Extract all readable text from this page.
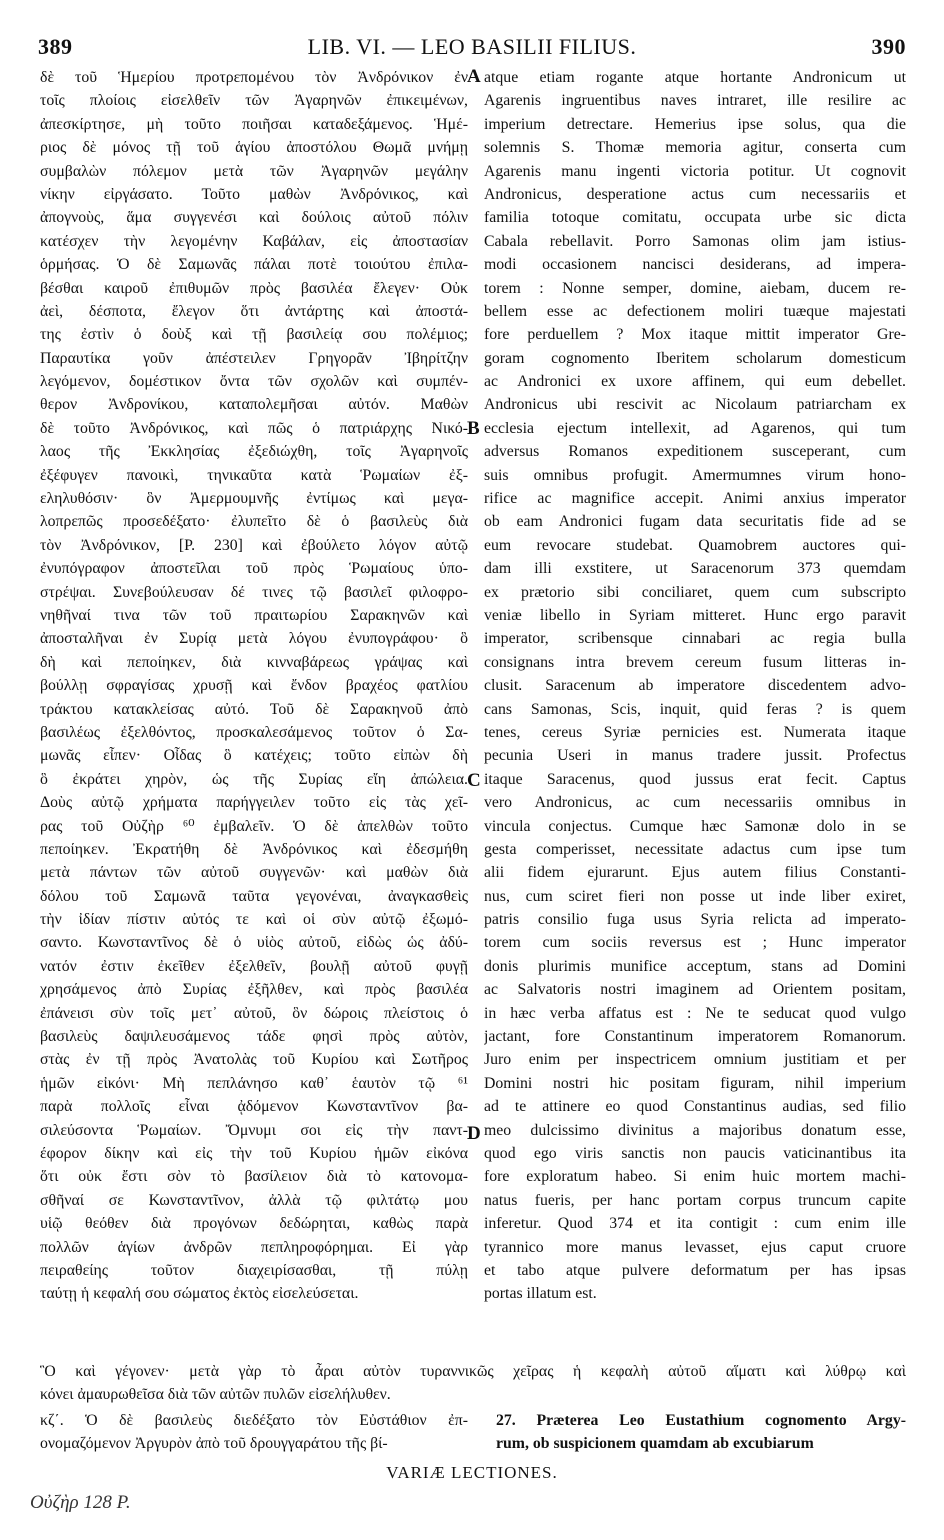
389	LIB. VI. — LEO BASILII FILIUS.	390
δὲ τοῦ Ἡμερίου προτρεπομένου τὸν Ἀνδρόνικον ἐν
τοῖς πλοίοις εἰσελθεῖν τῶν Ἀγαρηνῶν ἐπικειμένων,
ἀπεσκίρτησε, μὴ τοῦτο ποιῆσαι καταδεξάμενος. Ἡμέ-
ριος δὲ μόνος τῇ τοῦ ἁγίου ἀποστόλου Θωμᾶ μνήμῃ
συμβαλὼν πόλεμον μετὰ τῶν Ἀγαρηνῶν μεγάλην
νίκην εἰργάσατο. Τοῦτο μαθὼν Ἀνδρόνικος, καὶ
ἀπογνοὺς, ἅμα συγγενέσι καὶ δούλοις αὐτοῦ πόλιν
κατέσχεν τὴν λεγομένην Καβάλαν, εἰς ἀποστασίαν
ὁρμήσας. Ὁ δὲ Σαμωνᾶς πάλαι ποτὲ τοιούτου ἐπιλα-
βέσθαι καιροῦ ἐπιθυμῶν πρὸς βασιλέα ἔλεγεν· Οὐκ
ἀεὶ, δέσποτα, ἔλεγον ὅτι ἀντάρτης καὶ ἀποστά-
της ἐστὶν ὁ δοὺξ καὶ τῇ βασιλείᾳ σου πολέμιος;
Παραυτίκα γοῦν ἀπέστειλεν Γρηγορᾶν Ἰβηρίτζην
λεγόμενον, δομέστικον ὄντα τῶν σχολῶν καὶ συμπέν-
θερον Ἀνδρονίκου, καταπολεμῆσαι αὐτόν. Μαθὼν
δὲ τοῦτο Ἀνδρόνικος, καὶ πῶς ὁ πατριάρχης Νικό-
λαος τῆς Ἐκκλησίας ἐξεδιώχθη, τοῖς Ἀγαρηνοῖς
ἐξέφυγεν πανοικὶ, τηνικαῦτα κατὰ Ῥωμαίων ἐξ-
εληλυθόσιν· ὃν Ἀμερμουμνῆς ἐντίμως καὶ μεγα-
λοπρεπῶς προσεδέξατο· ἐλυπεῖτο δὲ ὁ βασιλεὺς διὰ
τὸν Ἀνδρόνικον, [P. 230] καὶ ἐβούλετο λόγον αὐτῷ
ἐνυπόγραφον ἀποστεῖλαι τοῦ πρὸς Ῥωμαίους ὑπο-
στρέψαι. Συνεβούλευσαν δέ τινες τῷ βασιλεῖ φιλοφρο-
νηθῆναί τινα τῶν τοῦ πραιτωρίου Σαρακηνῶν καὶ
ἀποσταλῆναι ἐν Συρίᾳ μετὰ λόγου ἐνυπογράφου· ὃ
δὴ καὶ πεποίηκεν, διὰ κινναβάρεως γράψας καὶ
βούλλῃ σφραγίσας χρυσῇ καὶ ἔνδον βραχέος φατλίου
τράκτου κατακλείσας αὐτό. Τοῦ δὲ Σαρακηνοῦ ἀπὸ
βασιλέως ἐξελθόντος, προσκαλεσάμενος τοῦτον ὁ Σα-
μωνᾶς εἶπεν· Οἶδας ὃ κατέχεις; τοῦτο εἰπὼν δὴ
ὃ ἐκράτει χηρὸν, ὡς τῆς Συρίας εἴη ἀπώλεια.
Δοὺς αὐτῷ χρήματα παρήγγειλεν τοῦτο εἰς τὰς χεῖ-
ρας τοῦ Οὐζὴρ ⁶⁰ ἐμβαλεῖν. Ὁ δὲ ἀπελθὼν τοῦτο
πεποίηκεν. Ἐκρατήθη δὲ Ἀνδρόνικος καὶ ἐδεσμήθη
μετὰ πάντων τῶν αὐτοῦ συγγενῶν· καὶ μαθὼν διὰ
δόλου τοῦ Σαμωνᾶ ταῦτα γεγονέναι, ἀναγκασθεὶς
τὴν ἰδίαν πίστιν αὐτός τε καὶ οἱ σὺν αὐτῷ ἐξωμό-
σαντο. Κωνσταντῖνος δὲ ὁ υἱὸς αὐτοῦ, εἰδὼς ὡς ἀδύ-
νατόν ἐστιν ἐκεῖθεν ἐξελθεῖν, βουλῇ αὐτοῦ φυγῇ
χρησάμενος ἀπὸ Συρίας ἐξῆλθεν, καὶ πρὸς βασιλέα
ἐπάνεισι σὺν τοῖς μετ᾽ αὐτοῦ, ὃν δώροις πλείστοις ὁ
βασιλεὺς δαψιλευσάμενος τάδε φησὶ πρὸς αὐτὸν,
στὰς ἐν τῇ πρὸς Ἀνατολὰς τοῦ Κυρίου καὶ Σωτῆρος
ἡμῶν εἰκόνι· Μὴ πεπλάνησο καθ᾽ ἑαυτὸν τῷ ⁶¹
παρὰ πολλοῖς εἶναι ᾀδόμενον Κωνσταντῖνον βα-
σιλεύσοντα Ῥωμαίων. Ὄμνυμι σοι εἰς τὴν παντ-
έφορον δίκην καὶ εἰς τὴν τοῦ Κυρίου ἡμῶν εἰκόνα
ὅτι οὐκ ἔστι σὸν τὸ βασίλειον διὰ τὸ κατονομα-
σθῆναί σε Κωνσταντῖνον, ἀλλὰ τῷ φιλτάτῳ μου
υἱῷ θεόθεν διὰ προγόνων δεδώρηται, καθὼς παρὰ
πολλῶν ἁγίων ἀνδρῶν πεπληροφόρημαι. Εἰ γὰρ
πειραθείης τοῦτον διαχειρίσασθαι, τῇ πύλῃ
ταύτῃ ἡ κεφαλή σου σώματος ἐκτὸς εἰσελεύσεται.
atque etiam rogante atque hortante Andronicum ut
Agarenis ingruentibus naves intraret, ille resilire ac
imperium detrectare. Hemerius ipse solus, qua die
solemnis S. Thomæ memoria agitur, conserta cum
Agarenis manu ingenti victoria potitur. Ut cognovit
Andronicus, desperatione actus cum necessariis et
familia totoque comitatu, occupata urbe sic dicta
Cabala rebellavit. Porro Samonas olim jam istius-
modi occasionem nancisci desiderans, ad impera-
torem : Nonne semper, domine, aiebam, ducem re-
bellem esse ac defectionem moliri tuæque majestati
fore perduellem ? Mox itaque mittit imperator Gre-
goram cognomento Iberitem scholarum domesticum
ac Andronici ex uxore affinem, qui eum debellet.
Andronicus ubi rescivit ac Nicolaum patriarcham ex
ecclesia ejectum intellexit, ad Agarenos, qui tum
adversus Romanos expeditionem susceperant, cum
suis omnibus profugit. Amermumnes virum hono-
rifice ac magnifice accepit. Animi anxius imperator
ob eam Andronici fugam data securitatis fide ad se
eum revocare studebat. Quamobrem auctores qui-
dam illi exstitere, ut Saracenorum 373 quemdam
ex prætorio sibi conciliaret, quem cum subscripto
veniæ libello in Syriam mitteret. Hunc ergo paravit
imperator, scribensque cinnabari ac regia bulla
consignans intra brevem cereum fusum litteras in-
clusit. Saracenum ab imperatore discedentem advo-
cans Samonas, Scis, inquit, quid feras ? is quem
tenes, cereus Syriæ pernicies est. Numerata itaque
pecunia Useri in manus tradere jussit. Profectus
itaque Saracenus, quod jussus erat fecit. Captus
vero Andronicus, ac cum necessariis omnibus in
vincula conjectus. Cumque hæc Samonæ dolo in se
gesta comperisset, necessitate adactus cum ipse tum
alii fidem ejurarunt. Ejus autem filius Constanti-
nus, cum sciret fieri non posse ut inde liber exiret,
patris consilio fuga usus Syria relicta ad imperato-
torem cum sociis reversus est ; Hunc imperator
donis plurimis munifice acceptum, stans ad Domini
ac Salvatoris nostri imaginem ad Orientem positam,
in hæc verba affatus est : Ne te seducat quod vulgo
jactant, fore Constantinum imperatorem Romanorum.
Juro enim per inspectricem omnium justitiam et per
Domini nostri hic positam figuram, nihil imperium
ad te attinere eo quod Constantinus audias, sed filio
meo dulcissimo divinitus a majoribus donatum esse,
quod ego viris sanctis non paucis vaticinantibus ita
fore exploratum habeo. Si enim huic mortem machi-
natus fueris, per hanc portam corpus truncum capite
inferetur. Quod 374 et ita contigit : cum enim ille
tyrannico more manus levasset, ejus caput cruore
et tabo atque pulvere deformatum per has ipsas
portas illatum est.
A
B
C
D
Ὃ καὶ γέγονεν· μετὰ γὰρ τὸ ἆραι αὐτὸν τυραννικῶς χεῖρας ἡ κεφαλὴ αὐτοῦ αἵματι καὶ λύθρῳ καὶ
κόνει ἀμαυρωθεῖσα διὰ τῶν αὐτῶν πυλῶν εἰσελήλυθεν.
κζ΄. Ὁ δὲ βασιλεὺς διεδέξατο τὸν Εὐστάθιον ἐπ-
ονομαζόμενον Ἀργυρὸν ἀπὸ τοῦ δρουγγαράτου τῆς βί-
27. Præterea Leo Eustathium cognomento Argy-
rum, ob suspicionem quamdam ab excubiarum
VARIÆ LECTIONES.
Οὐζὴρ 128 P.
